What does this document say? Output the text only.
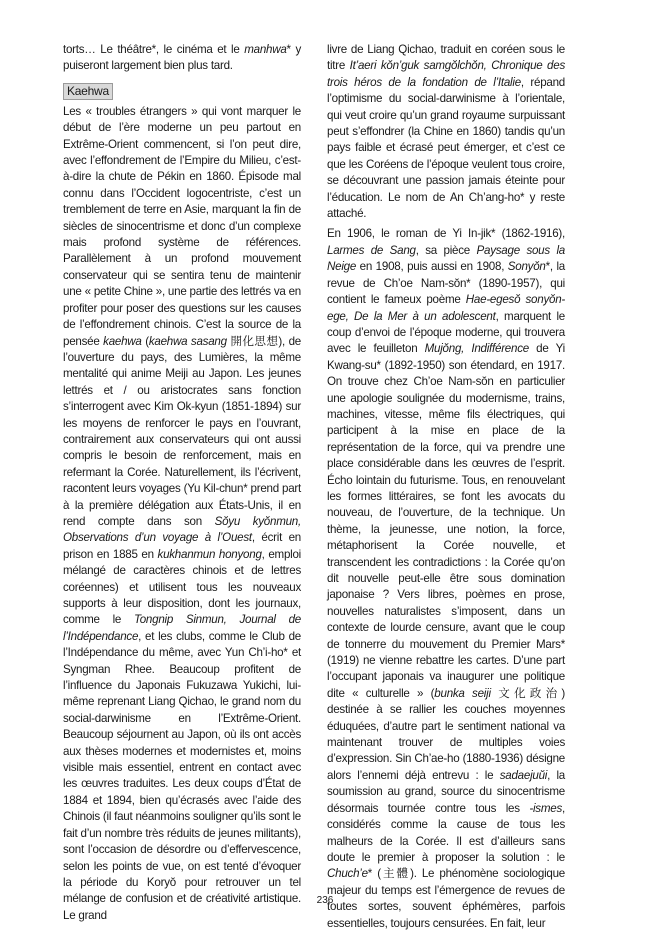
torts… Le théâtre*, le cinéma et le manhwa* y puiseront largement bien plus tard.

Kaehwa

Les « troubles étrangers » qui vont marquer le début de l’ère moderne un peu partout en Extrême-Orient commencent, si l’on peut dire, avec l’effondrement de l’Empire du Milieu, c’est-à-dire la chute de Pékin en 1860. Épisode mal connu dans l’Occident logocentriste, c’est un tremblement de terre en Asie, marquant la fin de siècles de sinocentrisme et donc d’un complexe mais profond système de références. Parallèlement à un profond mouvement conservateur qui se sentira tenu de maintenir une « petite Chine », une partie des lettrés va en profiter pour poser des questions sur les causes de l’effondrement chinois. C’est la source de la pensée kaehwa (kaehwa sasang 開化思想), de l’ouverture du pays, des Lumières, la même mentalité qui anime Meiji au Japon. Les jeunes lettrés et / ou aristocrates sans fonction s’interrogent avec Kim Ok-kyun (1851-1894) sur les moyens de renforcer le pays en l’ouvrant, contrairement aux conservateurs qui ont aussi compris le besoin de renforcement, mais en refermant la Corée. Naturellement, ils l’écrivent, racontent leurs voyages (Yu Kil-chun* prend part à la première délégation aux États-Unis, il en rend compte dans son Sŏyu kyŏnmun, Observations d’un voyage à l’Ouest, écrit en prison en 1885 en kukhanmun honyong, emploi mélangé de caractères chinois et de lettres coréennes) et utilisent tous les nouveaux supports à leur disposition, dont les journaux, comme le Tongnip Sinmun, Journal de l’Indépendance, et les clubs, comme le Club de l’Indépendance du même, avec Yun Ch’i-ho* et Syngman Rhee. Beaucoup profitent de l’influence du Japonais Fukuzawa Yukichi, lui-même reprenant Liang Qichao, le grand nom du social-darwinisme en l’Extrême-Orient. Beaucoup séjournent au Japon, où ils ont accès aux thèses modernes et modernistes et, moins visible mais essentiel, entrent en contact avec les œuvres traduites. Les deux coups d’État de 1884 et 1894, bien qu’écrasés avec l’aide des Chinois (il faut néanmoins souligner qu’ils sont le fait d’un nombre très réduits de jeunes militants), sont l’occasion de désordre ou d’effervescence, selon les points de vue, on est tenté d’évoquer la période du Koryŏ pour retrouver un tel mélange de confusion et de créativité artistique. Le grand

livre de Liang Qichao, traduit en coréen sous le titre It’aeri kŏn’guk samgŏlchŏn, Chronique des trois héros de la fondation de l’Italie, répand l’optimisme du social-darwinisme à l’orientale, qui veut croire qu’un grand royaume surpuissant peut s’effondrer (la Chine en 1860) tandis qu’un pays faible et écrasé peut émerger, et c’est ce que les Coréens de l’époque veulent tous croire, se découvrant une passion jamais éteinte pour l’éducation. Le nom de An Ch’ang-ho* y reste attaché.

En 1906, le roman de Yi In-jik* (1862-1916), Larmes de Sang, sa pièce Paysage sous la Neige en 1908, puis aussi en 1908, Sonyŏn*, la revue de Ch’oe Nam-sŏn* (1890-1957), qui contient le fameux poème Hae-egesŏ sonyŏn-ege, De la Mer à un adolescent, marquent le coup d’envoi de l’époque moderne, qui trouvera avec le feuilleton Mujŏng, Indifférence de Yi Kwang-su* (1892-1950) son étendard, en 1917. On trouve chez Ch’oe Nam-sŏn en particulier une apologie soulignée du modernisme, trains, machines, vitesse, même fils électriques, qui participent à la mise en place de la représentation de la force, qui va prendre une place considérable dans les œuvres de l’esprit. Écho lointain du futurisme. Tous, en renouvelant les formes littéraires, se font les avocats du nouveau, de l’ouverture, de la technique. Un thème, la jeunesse, une notion, la force, métaphorisent la Corée nouvelle, et transcendent les contradictions : la Corée qu’on dit nouvelle peut-elle être sous domination japonaise ? Vers libres, poèmes en prose, nouvelles naturalistes s’imposent, dans un contexte de lourde censure, avant que le coup de tonnerre du mouvement du Premier Mars* (1919) ne vienne rebattre les cartes. D’une part l’occupant japonais va inaugurer une politique dite « culturelle » (bunka seiji 文化政治) destinée à se rallier les couches moyennes éduquées, d’autre part le sentiment national va maintenant trouver de multiples voies d’expression. Sin Ch’ae-ho (1880-1936) désigne alors l’ennemi déjà entrevu : le sadaejuŭi, la soumission au grand, source du sinocentrisme désormais tournée contre tous les -ismes, considérés comme la cause de tous les malheurs de la Corée. Il est d’ailleurs sans doute le premier à proposer la solution : le Chuch’e* (主體). Le phénomène sociologique majeur du temps est l’émergence de revues de toutes sortes, souvent éphémères, parfois essentielles, toujours censurées. En fait, leur

236
